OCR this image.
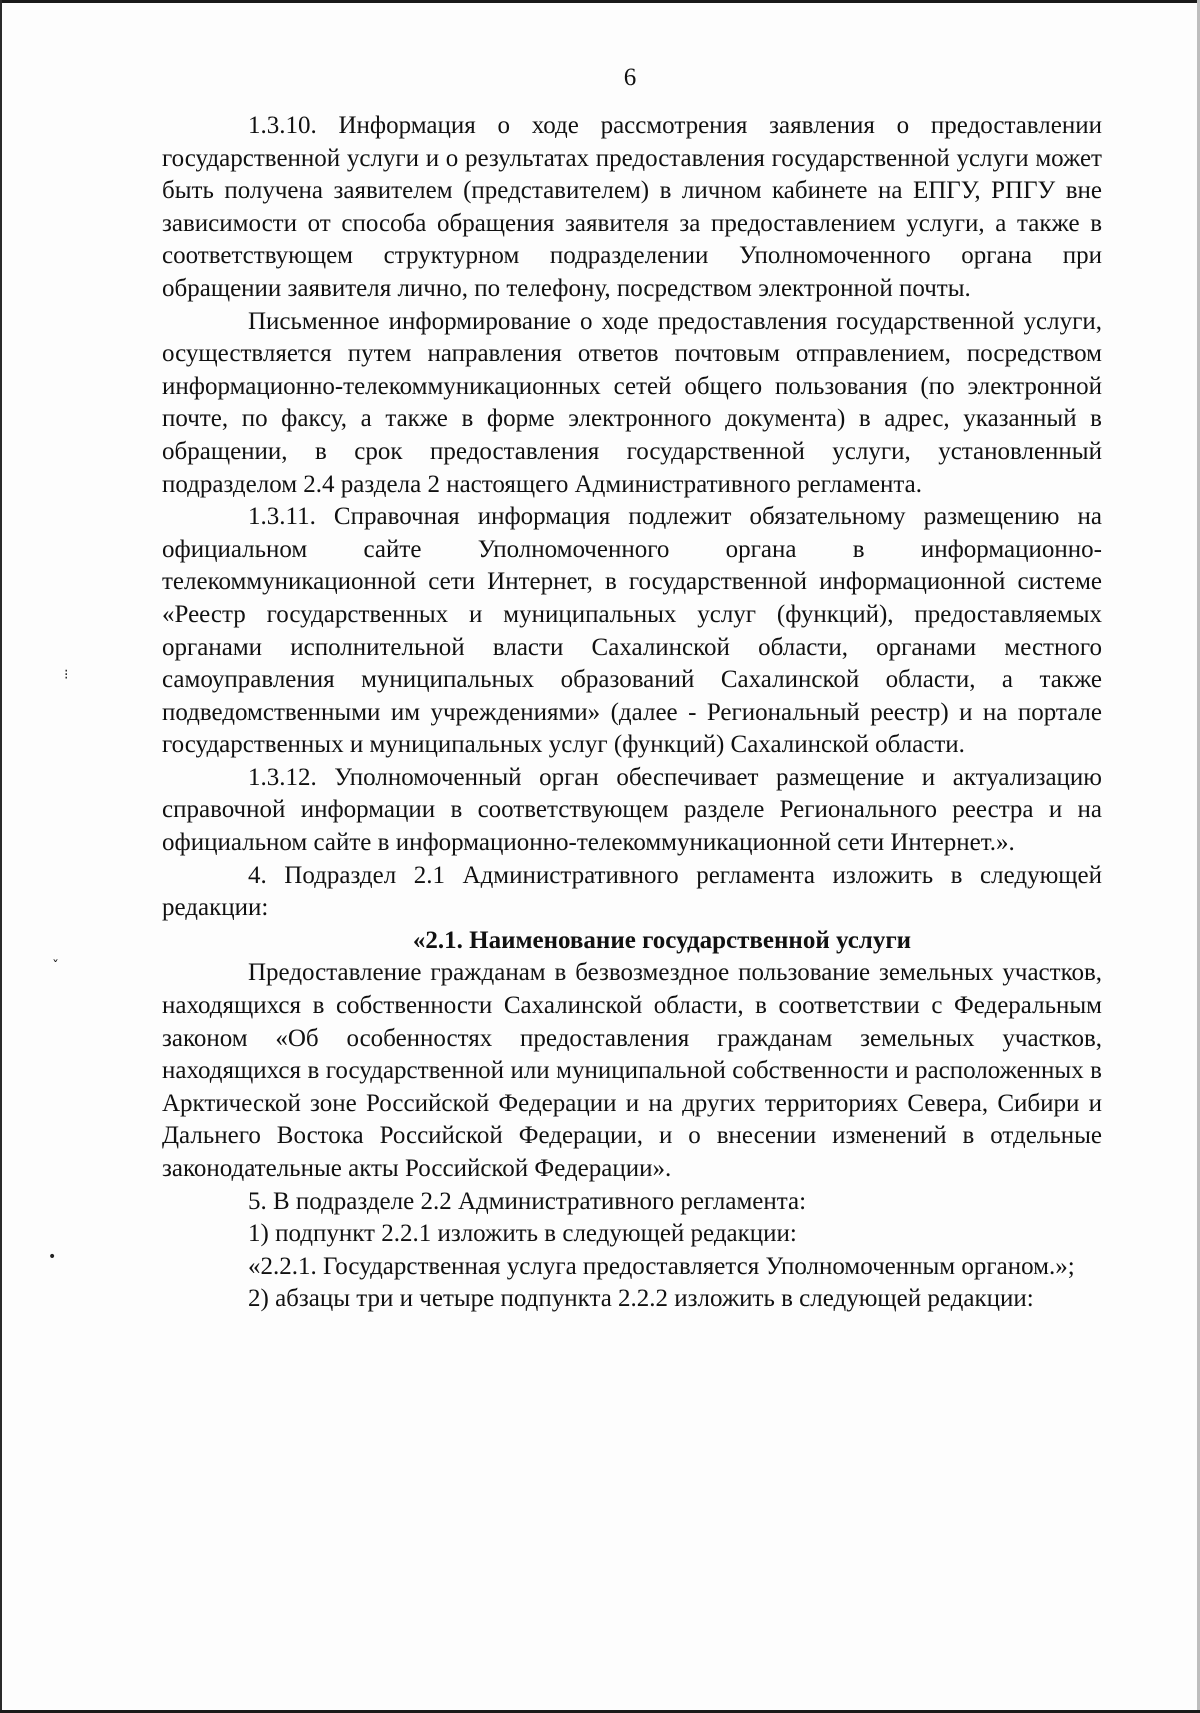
⁝
ˇ
•
6

1.3.10. Информация о ходе рассмотрения заявления о предоставлении государственной услуги и о результатах предоставления государственной услуги может быть получена заявителем (представителем) в личном кабинете на ЕПГУ, РПГУ вне зависимости от способа обращения заявителя за предоставлением услуги, а также в соответствующем структурном подразделении Уполномоченного органа при обращении заявителя лично, по телефону, посредством электронной почты.

Письменное информирование о ходе предоставления государственной услуги, осуществляется путем направления ответов почтовым отправлением, посредством информационно-телекоммуникационных сетей общего пользования (по электронной почте, по факсу, а также в форме электронного документа) в адрес, указанный в обращении, в срок предоставления государственной услуги, установленный подразделом 2.4 раздела 2 настоящего Административного регламента.

1.3.11. Справочная информация подлежит обязательному размещению на официальном сайте Уполномоченного органа в информационно-телекоммуникационной сети Интернет, в государственной информационной системе «Реестр государственных и муниципальных услуг (функций), предоставляемых органами исполнительной власти Сахалинской области, органами местного самоуправления муниципальных образований Сахалинской области, а также подведомственными им учреждениями» (далее - Региональный реестр) и на портале государственных и муниципальных услуг (функций) Сахалинской области.

1.3.12. Уполномоченный орган обеспечивает размещение и актуализацию справочной информации в соответствующем разделе Регионального реестра и на официальном сайте в информационно-телекоммуникационной сети Интернет.».

4. Подраздел 2.1 Административного регламента изложить в следующей редакции:

«2.1. Наименование государственной услуги

Предоставление гражданам в безвозмездное пользование земельных участков, находящихся в собственности Сахалинской области, в соответствии с Федеральным законом «Об особенностях предоставления гражданам земельных участков, находящихся в государственной или муниципальной собственности и расположенных в Арктической зоне Российской Федерации и на других территориях Севера, Сибири и Дальнего Востока Российской Федерации, и о внесении изменений в отдельные законодательные акты Российской Федерации».

5. В подразделе 2.2 Административного регламента:

1) подпункт 2.2.1 изложить в следующей редакции:

«2.2.1. Государственная услуга предоставляется Уполномоченным органом.»;

2) абзацы три и четыре подпункта 2.2.2 изложить в следующей редакции:
